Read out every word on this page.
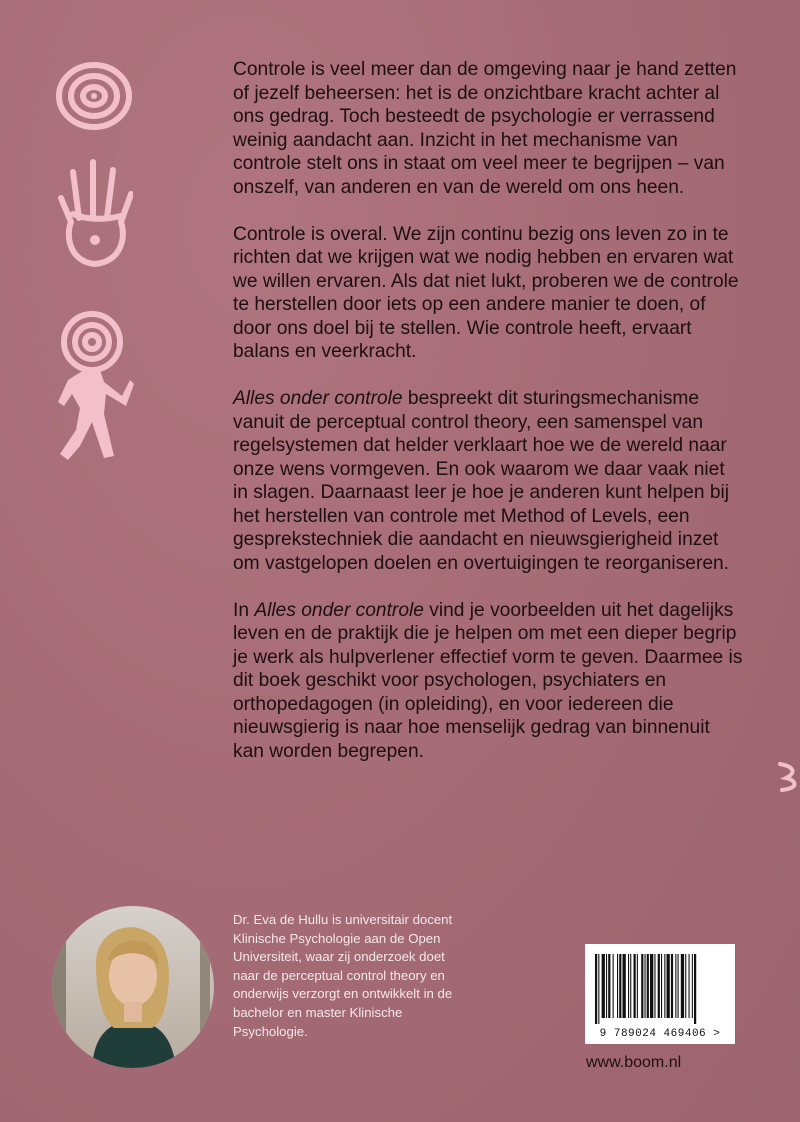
Controle is veel meer dan de omgeving naar je hand zetten of jezelf beheersen: het is de onzichtbare kracht achter al ons gedrag. Toch besteedt de psychologie er verrassend weinig aandacht aan. Inzicht in het mechanisme van controle stelt ons in staat om veel meer te begrijpen – van onszelf, van anderen en van de wereld om ons heen.

Controle is overal. We zijn continu bezig ons leven zo in te richten dat we krijgen wat we nodig hebben en ervaren wat we willen ervaren. Als dat niet lukt, proberen we de controle te herstellen door iets op een andere manier te doen, of door ons doel bij te stellen. Wie controle heeft, ervaart balans en veerkracht.

Alles onder controle bespreekt dit sturingsmechanisme vanuit de perceptual control theory, een samenspel van regelsystemen dat helder verklaart hoe we de wereld naar onze wens vormgeven. En ook waarom we daar vaak niet in slagen. Daarnaast leer je hoe je anderen kunt helpen bij het herstellen van controle met Method of Levels, een gesprekstechniek die aandacht en nieuwsgierigheid inzet om vastgelopen doelen en overtuigingen te reorganiseren.

In Alles onder controle vind je voorbeelden uit het dagelijks leven en de praktijk die je helpen om met een dieper begrip je werk als hulpverlener effectief vorm te geven. Daarmee is dit boek geschikt voor psychologen, psychiaters en orthopedagogen (in opleiding), en voor iedereen die nieuwsgierig is naar hoe menselijk gedrag van binnenuit kan worden begrepen.

Dr. Eva de Hullu is universitair docent Klinische Psychologie aan de Open Universiteit, waar zij onderzoek doet naar de perceptual control theory en onderwijs verzorgt en ontwikkelt in de bachelor en master Klinische Psychologie.	9 789024 469406 >
www.boom.nl
